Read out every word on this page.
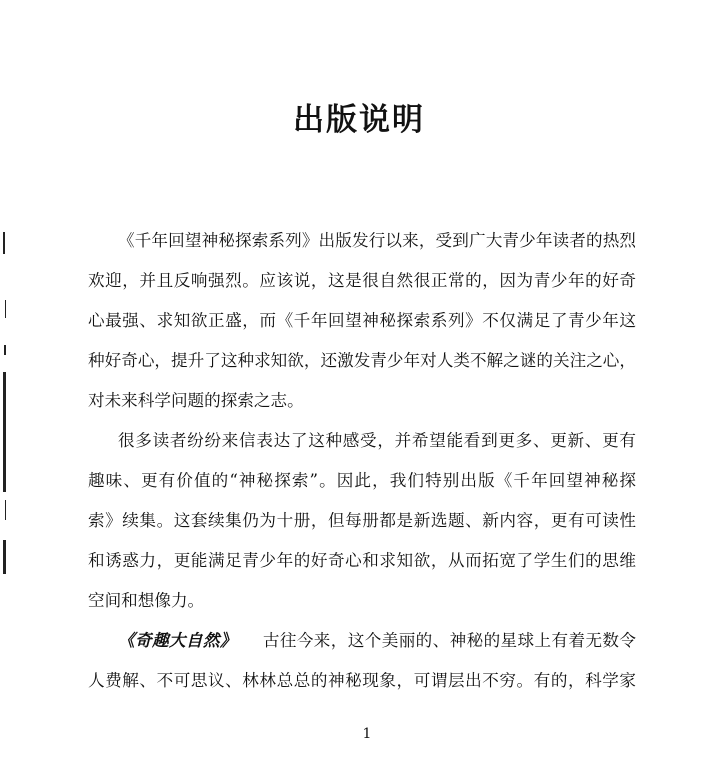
出版说明
《千年回望神秘探索系列》出版发行以来，受到广大青少年读者的热烈
欢迎，并且反响强烈。应该说，这是很自然很正常的，因为青少年的好奇
心最强、求知欲正盛，而《千年回望神秘探索系列》不仅满足了青少年这
种好奇心，提升了这种求知欲，还激发青少年对人类不解之谜的关注之心，
对未来科学问题的探索之志。
很多读者纷纷来信表达了这种感受，并希望能看到更多、更新、更有
趣味、更有价值的“神秘探索”。因此，我们特别出版《千年回望神秘探
索》续集。这套续集仍为十册，但每册都是新选题、新内容，更有可读性
和诱惑力，更能满足青少年的好奇心和求知欲，从而拓宽了学生们的思维
空间和想像力。
《奇趣大自然》 古往今来，这个美丽的、神秘的星球上有着无数令
人费解、不可思议、林林总总的神秘现象，可谓层出不穷。有的，科学家
1
